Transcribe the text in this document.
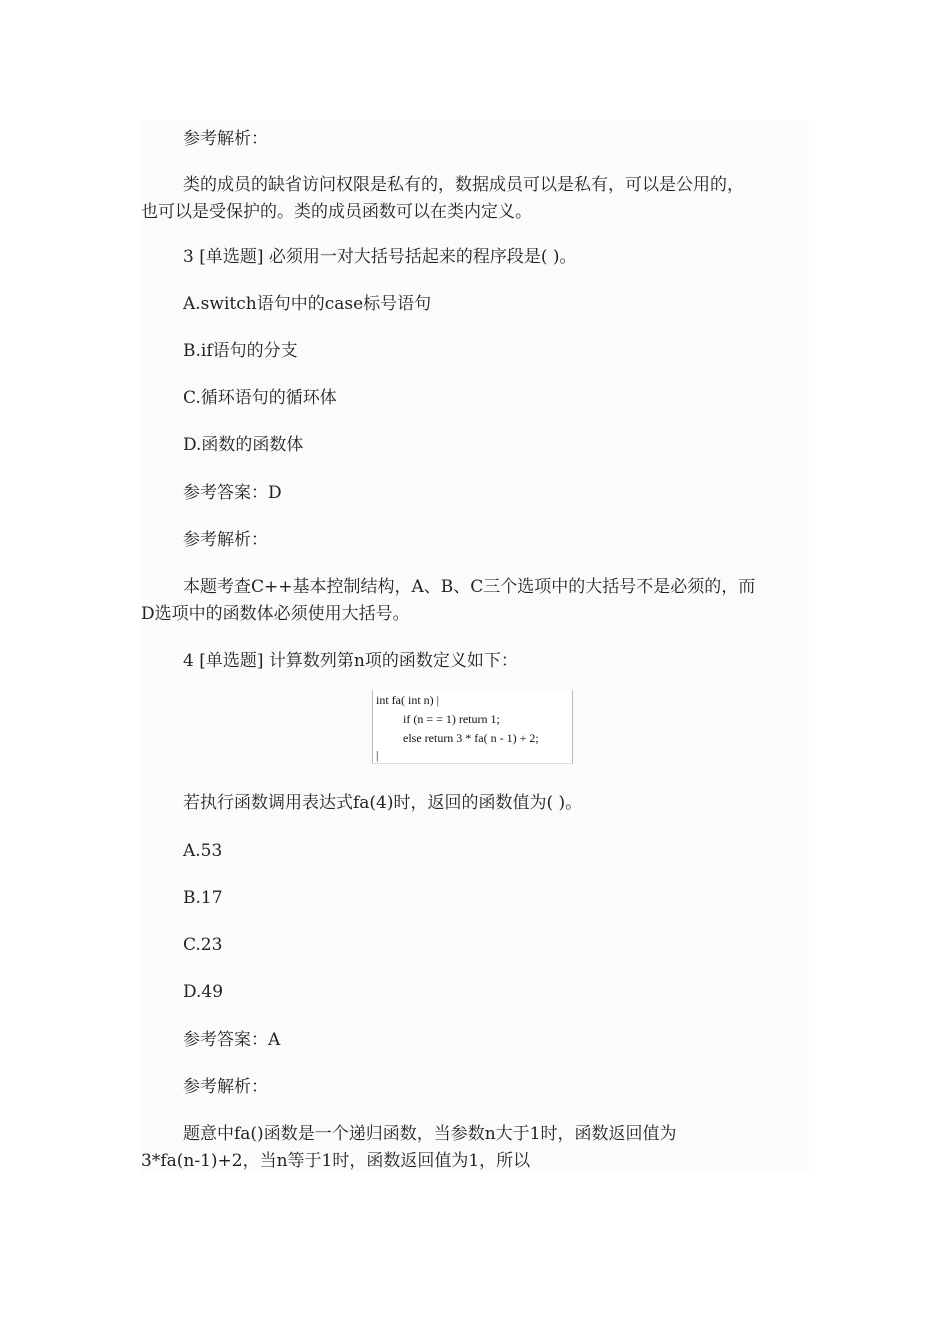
参考解析：
类的成员的缺省访问权限是私有的，数据成员可以是私有，可以是公用的，
也可以是受保护的。类的成员函数可以在类内定义。
3 [单选题] 必须用一对大括号括起来的程序段是( )。
A.switch语句中的case标号语句
B.if语句的分支
C.循环语句的循环体
D.函数的函数体
参考答案：D
参考解析：
本题考查C++基本控制结构，A、B、C三个选项中的大括号不是必须的，而
D选项中的函数体必须使用大括号。
4 [单选题] 计算数列第n项的函数定义如下：
若执行函数调用表达式fa(4)时，返回的函数值为( )。
A.53
B.17
C.23
D.49
参考答案：A
参考解析：
题意中fa()函数是一个递归函数，当参数n大于1时，函数返回值为
3*fa(n-1)+2，当n等于1时，函数返回值为1，所以
int fa( int n) |
if (n = = 1) return 1;
else return 3 * fa( n - 1) + 2;
|
